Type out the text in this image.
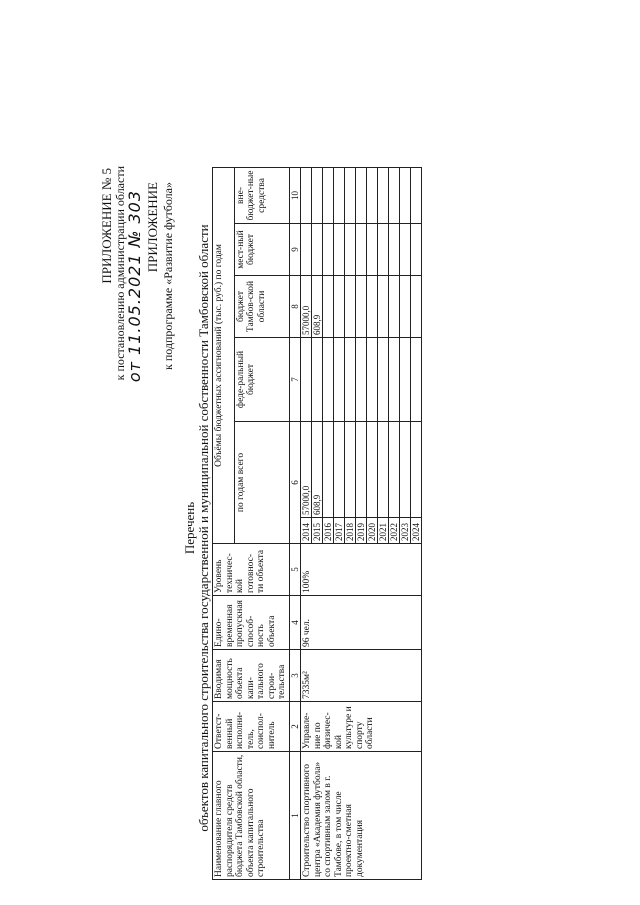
ПРИЛОЖЕНИЕ № 5 к постановлению администрации области
от 11.05.2021 № 303 ПРИЛОЖЕНИЕ к подпрограмме «Развитие футбола»
Перечень объектов капитального строительства государственной и муниципальной собственности Тамбовской области Наименование главного распорядителя средств бюджета Тамбовской области, объекта капитального строительства	Ответст-венный исполни-тель, соиспол-нитель	Вводимая мощность объекта капи-тального строи-тельства	Едино-временная пропускная способ-ность объекта	Уровень техничес-кой готовнос-ти объекта	Объёмы бюджетных ассигнований (тыс. руб.) по годам					
					по годам всего		феде-ральный бюджет	бюджет Тамбов-ской области	мест-ный бюджет	вне-бюджет-ные средства
1	2	3	4	5	6		7	8	9	10
Строительство спортивного центра «Академия футбола» со спортивным залом в г. Тамбове, в том числе проектно-сметная документация	Управле-ние по физичес-кой культуре и спорту области	7335м²	96 чел.	100%	2014	57000,0		57000,0		
					2015	608,9		608,9		
					2016					
					2017					
					2018					
					2019					
					2020					
					2021					
					2022					
					2023					
					2024					
